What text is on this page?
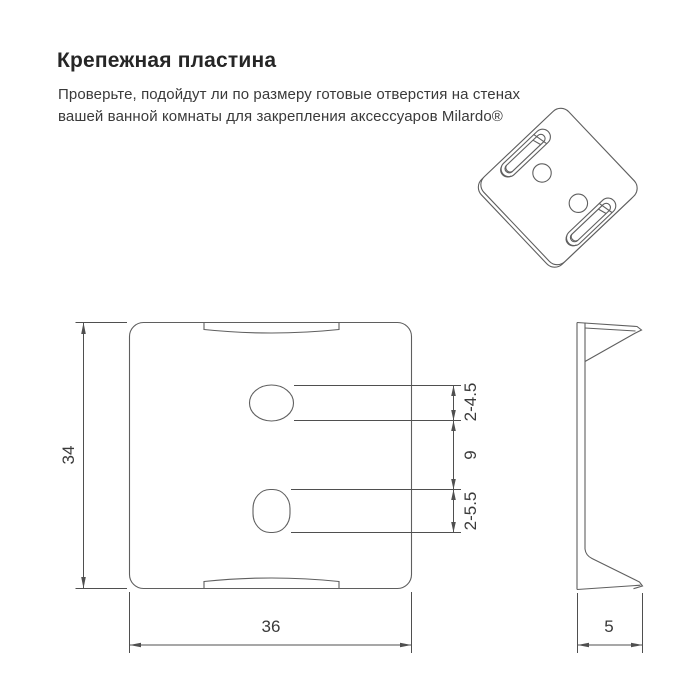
Крепежная пластина
Проверьте, подойдут ли по размеру готовые отверстия на стенах
вашей ванной комнаты для закрепления аксессуаров Milardo®
34
36	5
2-4.5
9
2-5.5
